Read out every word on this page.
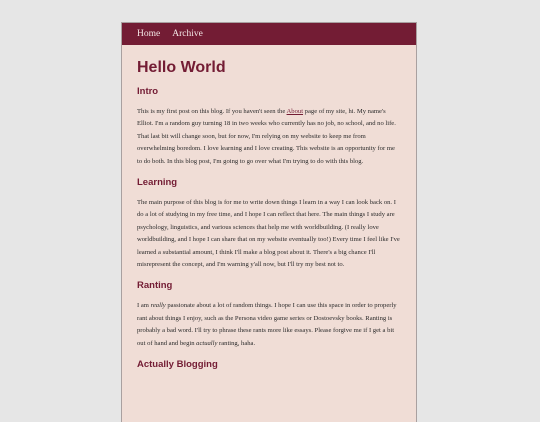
Home Archive
Hello World
Intro

This is my first post on this blog. If you haven't seen the About page of my site, hi. My name's Elliot. I'm a random guy turning 18 in two weeks who currently has no job, no school, and no life. That last bit will change soon, but for now, I'm relying on my website to keep me from overwhelming boredom. I love learning and I love creating. This website is an opportunity for me to do both. In this blog post, I'm going to go over what I'm trying to do with this blog.

Learning

The main purpose of this blog is for me to write down things I learn in a way I can look back on. I do a lot of studying in my free time, and I hope I can reflect that here. The main things I study are psychology, linguistics, and various sciences that help me with worldbuilding. (I really love worldbuilding, and I hope I can share that on my website eventually too!) Every time I feel like I've learned a substantial amount, I think I'll make a blog post about it. There's a big chance I'll misrepresent the concept, and I'm warning y'all now, but I'll try my best not to.

Ranting

I am really passionate about a lot of random things. I hope I can use this space in order to properly rant about things I enjoy, such as the Persona video game series or Dostoevsky books. Ranting is probably a bad word. I'll try to phrase these rants more like essays. Please forgive me if I get a bit out of hand and begin actually ranting, haha.

Actually Blogging
